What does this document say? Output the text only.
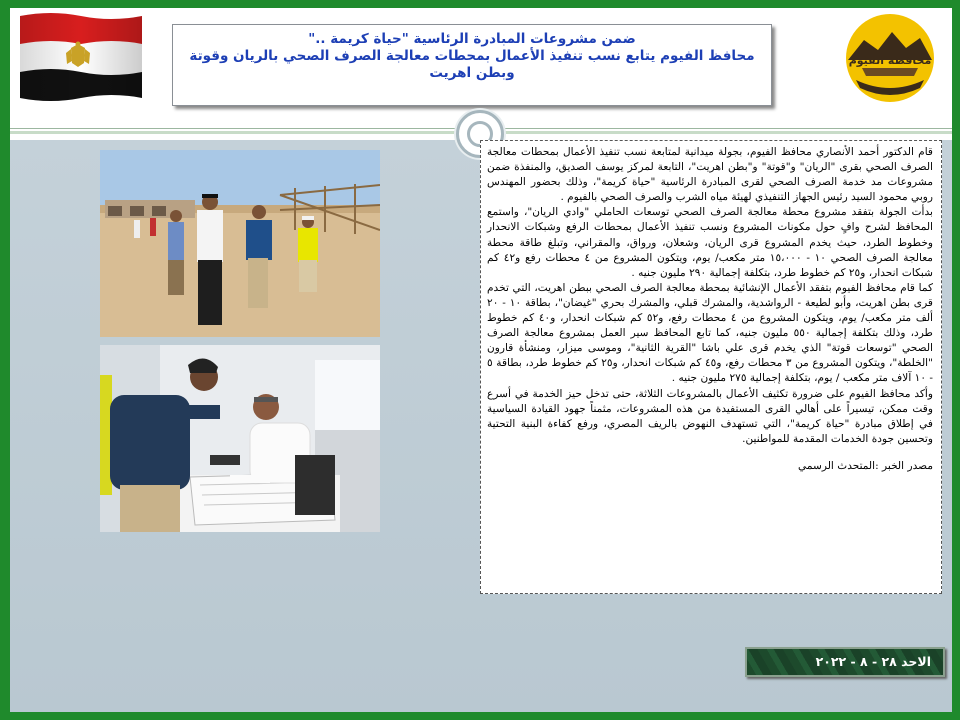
محافظة الفيوم
ضمن مشروعات المبادرة الرئاسية "حياة كريمة .."
محافظ الفيوم يتابع نسب تنفيذ الأعمال بمحطات معالجة الصرف الصحي بالريان وقوتة وبطن اهريت

قام الدكتور أحمد الأنصاري محافظ الفيوم، بجولة ميدانية لمتابعة نسب تنفيذ الأعمال بمحطات معالجة الصرف الصحي بقرى "الريان" و"قوتة" و"بطن اهريت"، التابعة لمركز يوسف الصديق، والمنفذة ضمن مشروعات مد خدمة الصرف الصحي لقرى المبادرة الرئاسية "حياة كريمة"، وذلك بحضور المهندس روبي محمود السيد رئيس الجهاز التنفيذي لهيئة مياه الشرب والصرف الصحي بالفيوم .

بدأت الجولة بتفقد مشروع محطة معالجة الصرف الصحي توسعات الحاملي "وادي الريان"، واستمع المحافظ لشرح وافٍ حول مكونات المشروع ونسب تنفيذ الأعمال بمحطات الرفع وشبكات الانحدار وخطوط الطرد، حيث يخدم المشروع قرى الريان، وشعلان، ورواق، والمقراني، وتبلغ طاقة محطة معالجة الصرف الصحي ١٠ - ١٥،٠٠٠ متر مكعب/ يوم، ويتكون المشروع من ٤ محطات رفع و٤٢ كم شبكات انحدار، و٢٥ كم خطوط طرد، بتكلفة إجمالية ٢٩٠ مليون جنيه .

كما قام محافظ الفيوم بتفقد الأعمال الإنشائية بمحطة معالجة الصرف الصحي ببطن اهريت، التي تخدم قرى بطن اهريت، وأبو لطيعة - الرواشدية، والمشرك قبلي، والمشرك بحري "غيضان"، بطاقة ١٠ - ٢٠ ألف متر مكعب/ يوم، ويتكون المشروع من ٤ محطات رفع، و٥٢ كم شبكات انحدار، و٤٠ كم خطوط طرد، وذلك بتكلفة إجمالية ٥٥٠ مليون جنيه، كما تابع المحافظ سير العمل بمشروع معالجة الصرف الصحي "توسعات قوتة" الذي يخدم قرى علي باشا "القرية الثانية"، وموسى ميزار، ومنشأة قارون "الخلطة"، ويتكون المشروع من ٣ محطات رفع، و٤٥ كم شبكات انحدار، و٢٥ كم خطوط طرد، بطاقة ٥ - ١٠ آلاف متر مكعب / يوم، بتكلفة إجمالية ٢٧٥ مليون جنيه .

وأكد محافظ الفيوم على ضرورة تكثيف الأعمال بالمشروعات الثلاثة، حتى تدخل حيز الخدمة في أسرع وقت ممكن، تيسيراً على أهالي القرى المستفيدة من هذه المشروعات، مثمناً جهود القيادة السياسية في إطلاق مبادرة "حياة كريمة"، التي تستهدف النهوض بالريف المصري، ورفع كفاءة البنية التحتية وتحسين جودة الخدمات المقدمة للمواطنين.

مصدر الخبر :المتحدث الرسمي

الاحد ٢٨ - ٨ - ٢٠٢٢
